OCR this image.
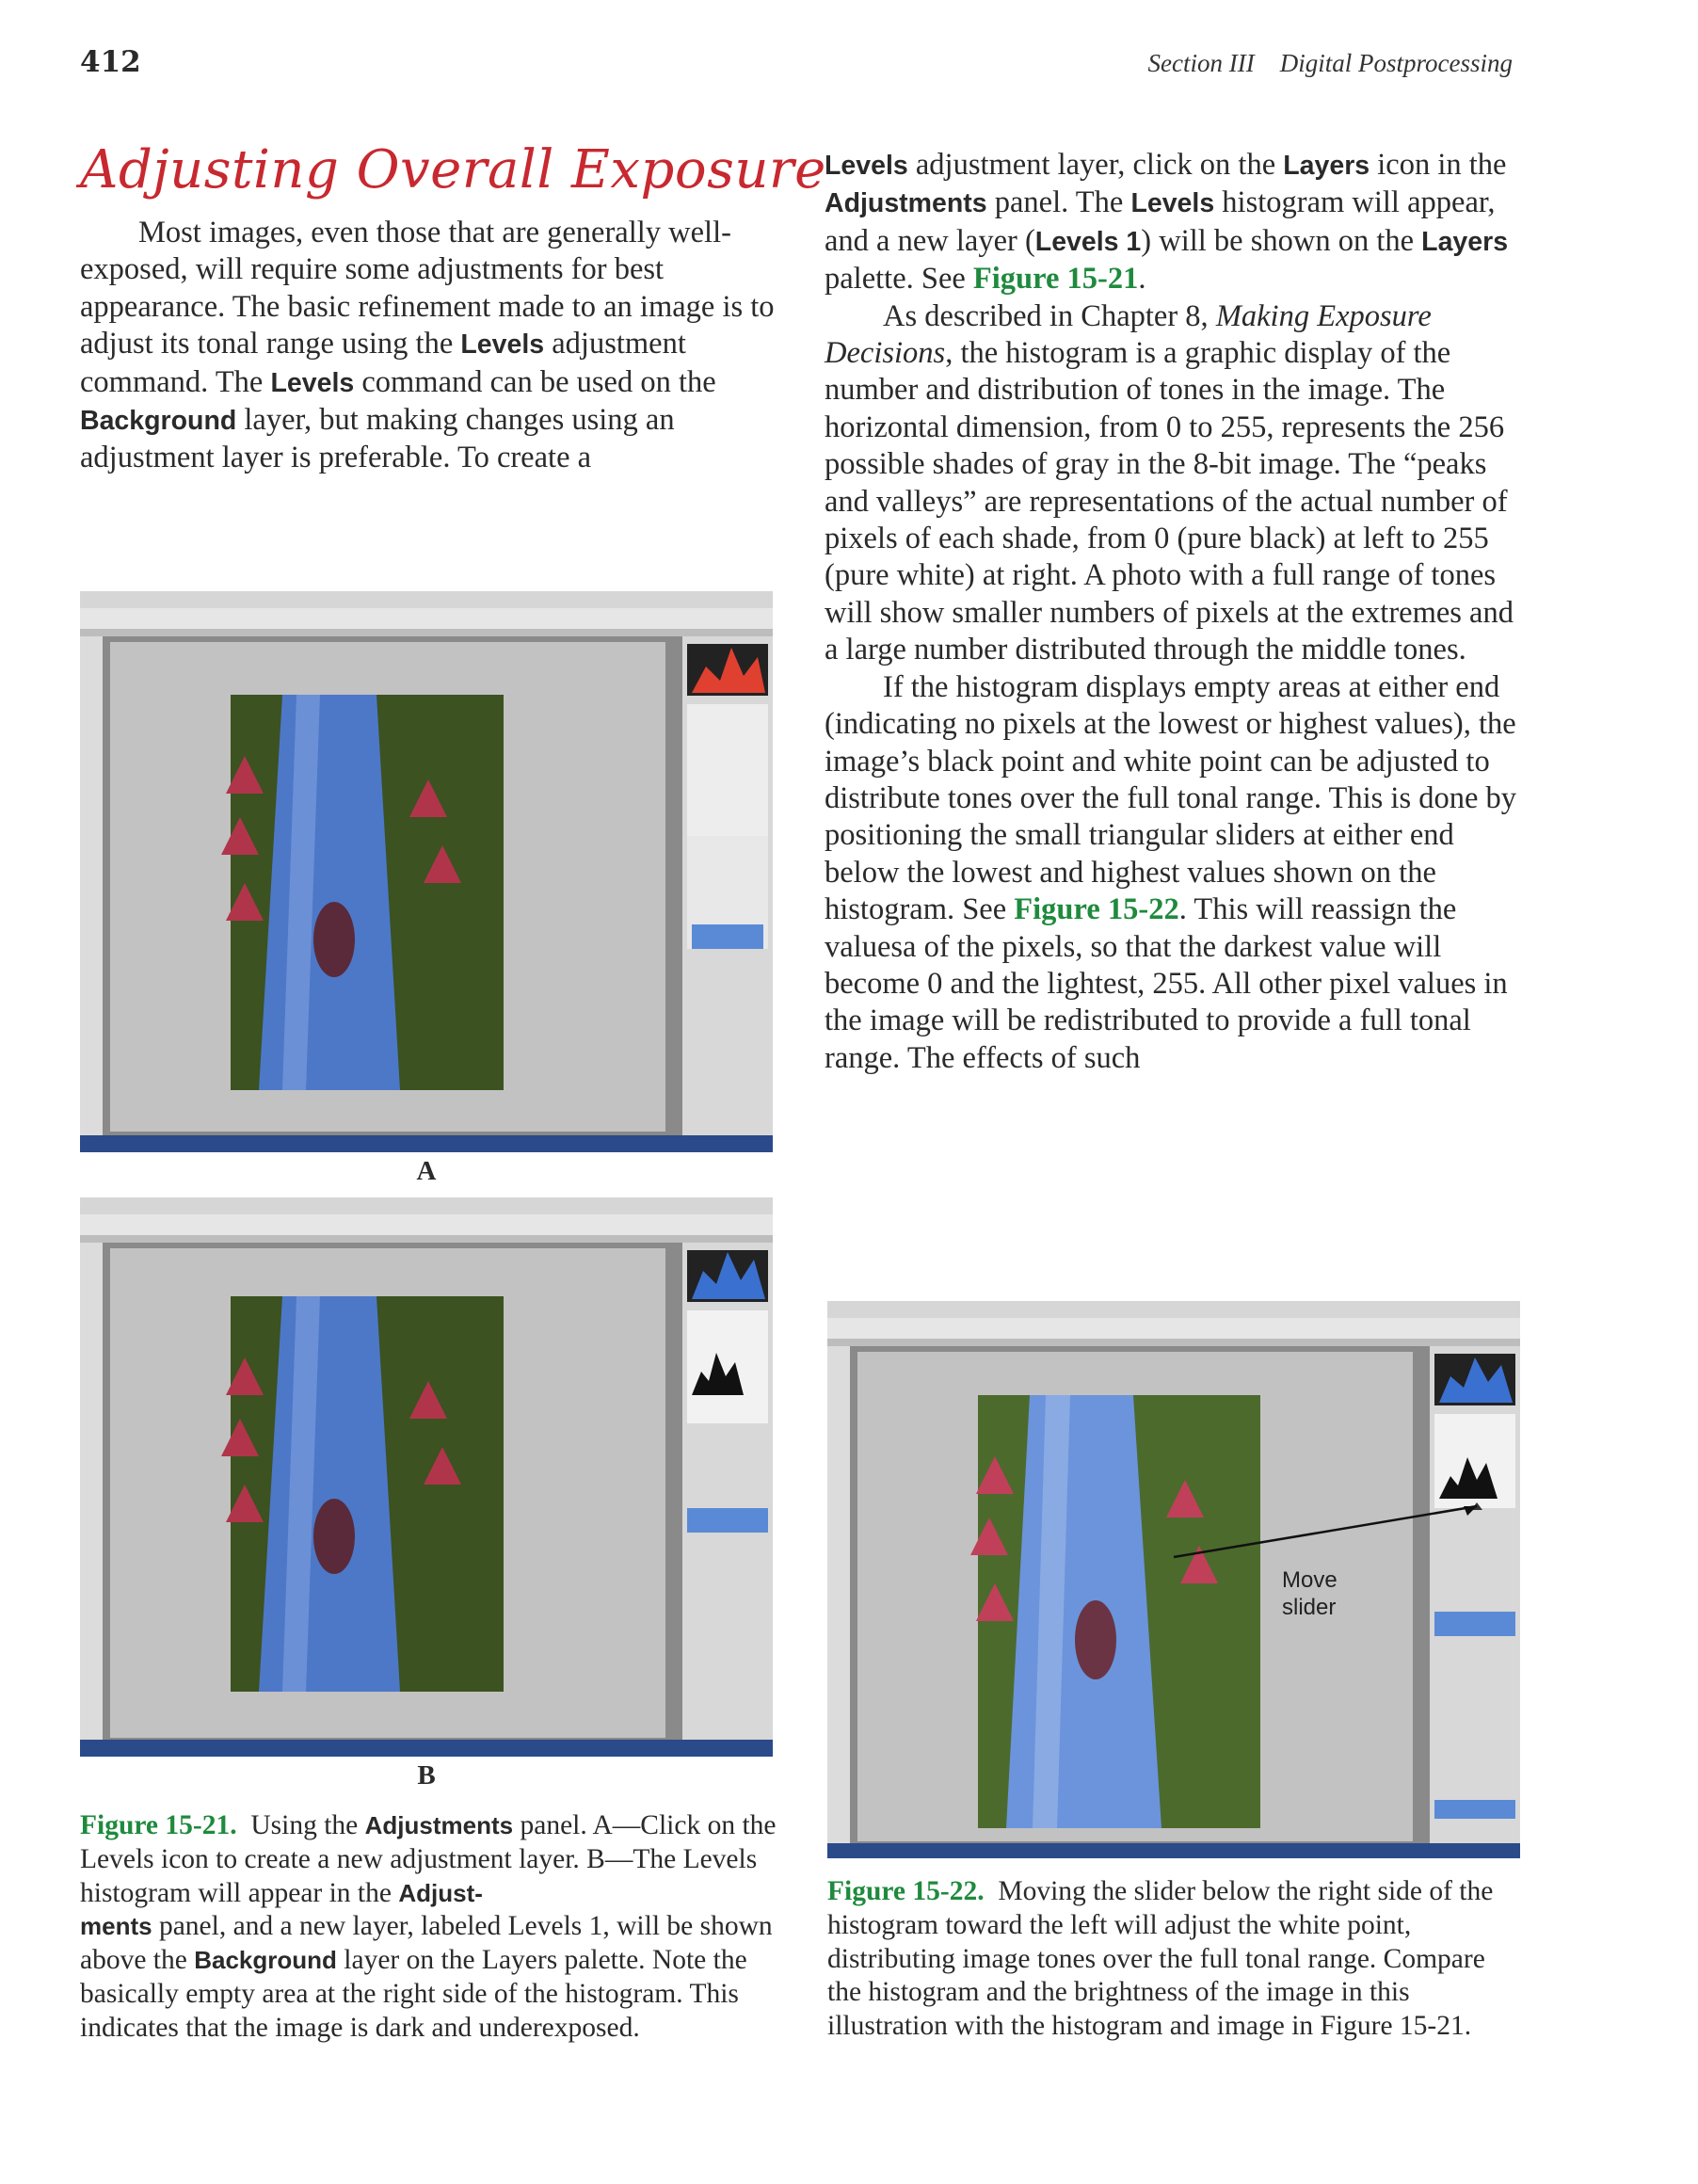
412	Section III    Digital Postprocessing
Adjusting Overall Exposure

Most images, even those that are generally well-exposed, will require some adjustments for best appearance. The basic refinement made to an image is to adjust its tonal range using the Levels adjustment command. The Levels command can be used on the Background layer, but making changes using an adjustment layer is preferable. To create a

Levels adjustment layer, click on the Layers icon in the Adjustments panel. The Levels histogram will appear, and a new layer (Levels 1) will be shown on the Layers palette. See Figure 15-21.

As described in Chapter 8, Making Exposure Decisions, the histogram is a graphic display of the number and distribution of tones in the image. The horizontal dimension, from 0 to 255, represents the 256 possible shades of gray in the 8-bit image. The “peaks and valleys” are representations of the actual number of pixels of each shade, from 0 (pure black) at left to 255 (pure white) at right. A photo with a full range of tones will show smaller numbers of pixels at the extremes and a large number distributed through the middle tones.

If the histogram displays empty areas at either end (indicating no pixels at the lowest or highest values), the image’s black point and white point can be adjusted to distribute tones over the full tonal range. This is done by positioning the small triangular sliders at either end below the lowest and highest values shown on the histogram. See Figure 15-22. This will reassign the valuesa of the pixels, so that the darkest value will become 0 and the lightest, 255. All other pixel values in the image will be redistributed to provide a full tonal range. The effects of such

A
B
Figure 15-21.  Using the Adjustments panel. A—Click on the Levels icon to create a new adjustment layer. B—The Levels histogram will appear in the Adjust-
ments panel, and a new layer, labeled Levels 1, will be shown above the Background layer on the Layers palette. Note the basically empty area at the right side of the histogram. This indicates that the image is dark and underexposed.
Move
slider
Figure 15-22.  Moving the slider below the right side of the histogram toward the left will adjust the white point, distributing image tones over the full tonal range. Compare the histogram and the brightness of the image in this illustration with the histogram and image in Figure 15-21.
